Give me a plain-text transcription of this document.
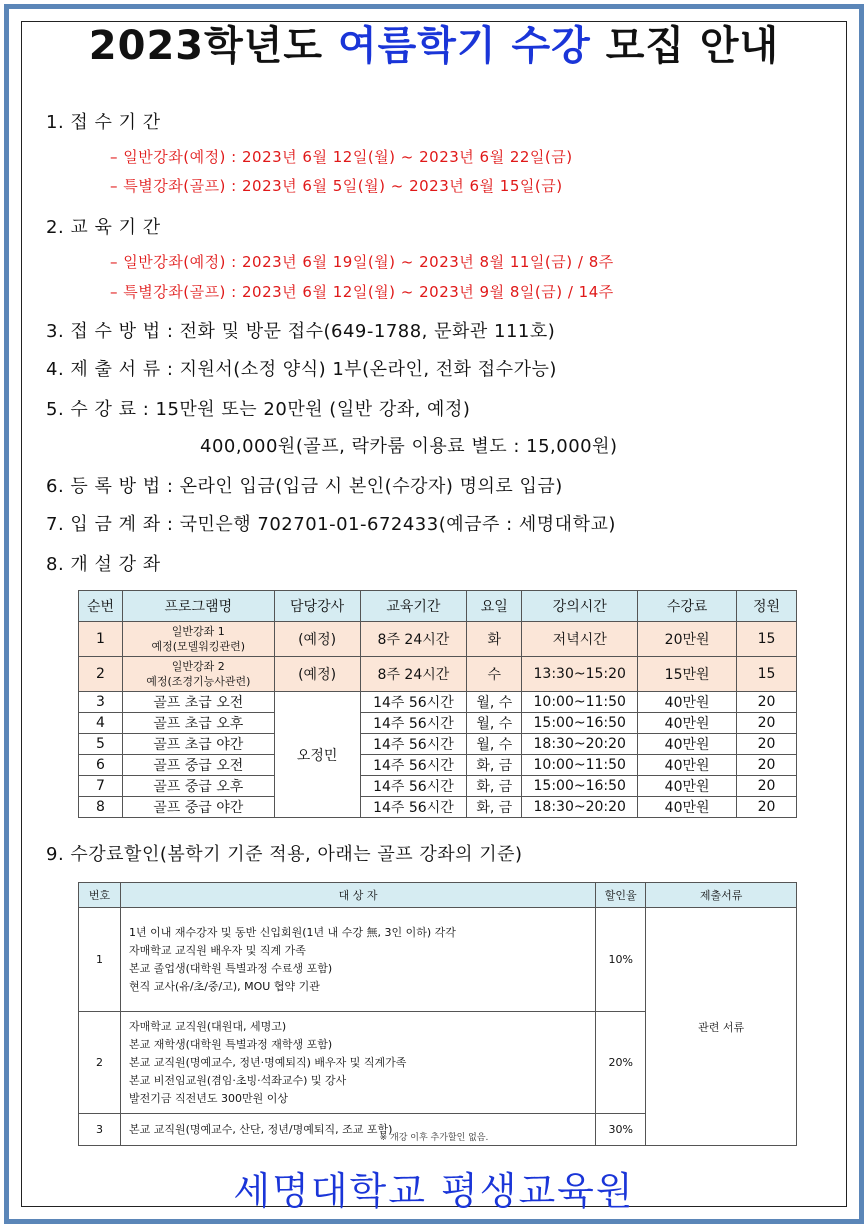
2023학년도 여름학기 수강 모집 안내
1. 접 수 기 간
– 일반강좌(예정) : 2023년 6월 12일(월) ~ 2023년 6월 22일(금)
– 특별강좌(골프) : 2023년 6월 5일(월) ~ 2023년 6월 15일(금)
2. 교 육 기 간
– 일반강좌(예정) : 2023년 6월 19일(월) ~ 2023년 8월 11일(금) / 8주
– 특별강좌(골프) : 2023년 6월 12일(월) ~ 2023년 9월 8일(금) / 14주
3. 접 수 방 법 : 전화 및 방문 접수(649-1788, 문화관 111호)
4. 제 출 서 류 : 지원서(소정 양식) 1부(온라인, 전화 접수가능)
5. 수 강 료 : 15만원 또는 20만원 (일반 강좌, 예정)
400,000원(골프, 락카룸 이용료 별도 : 15,000원)
6. 등 록 방 법 : 온라인 입금(입금 시 본인(수강자) 명의로 입금)
7. 입 금 계 좌 : 국민은행 702701-01-672433(예금주 : 세명대학교)
8. 개 설 강 좌
순번	프로그램명	담당강사	교육기간	요일	강의시간	수강료	정원
1	일반강좌 1
예정(모델워킹관련)	(예정)	8주 24시간	화	저녁시간	20만원	15
2	일반강좌 2
예정(조경기능사관련)	(예정)	8주 24시간	수	13:30~15:20	15만원	15
3	골프 초급 오전	오정민	14주 56시간	월, 수	10:00~11:50	40만원	20
4	골프 초급 오후		14주 56시간	월, 수	15:00~16:50	40만원	20
5	골프 초급 야간		14주 56시간	월, 수	18:30~20:20	40만원	20
6	골프 중급 오전		14주 56시간	화, 금	10:00~11:50	40만원	20
7	골프 중급 오후		14주 56시간	화, 금	15:00~16:50	40만원	20
8	골프 중급 야간		14주 56시간	화, 금	18:30~20:20	40만원	20
9. 수강료할인(봄학기 기준 적용, 아래는 골프 강좌의 기준)
번호	대 상 자	할인율	제출서류
1	1년 이내 재수강자 및 동반 신입회원(1년 내 수강 無, 3인 이하) 각각
자매학교 교직원 배우자 및 직계 가족
본교 졸업생(대학원 특별과정 수료생 포함)
현직 교사(유/초/중/고), MOU 협약 기관	10%	관련 서류
2	자매학교 교직원(대원대, 세명고)
본교 재학생(대학원 특별과정 재학생 포함)
본교 교직원(명예교수, 정년·명예퇴직) 배우자 및 직계가족
본교 비전임교원(겸임·초빙·석좌교수) 및 강사
발전기금 직전년도 300만원 이상	20%	
3	본교 교직원(명예교수, 산단, 정년/명예퇴직, 조교 포함)	30%	
※ 개강 이후 추가할인 없음.
세명대학교 평생교육원
